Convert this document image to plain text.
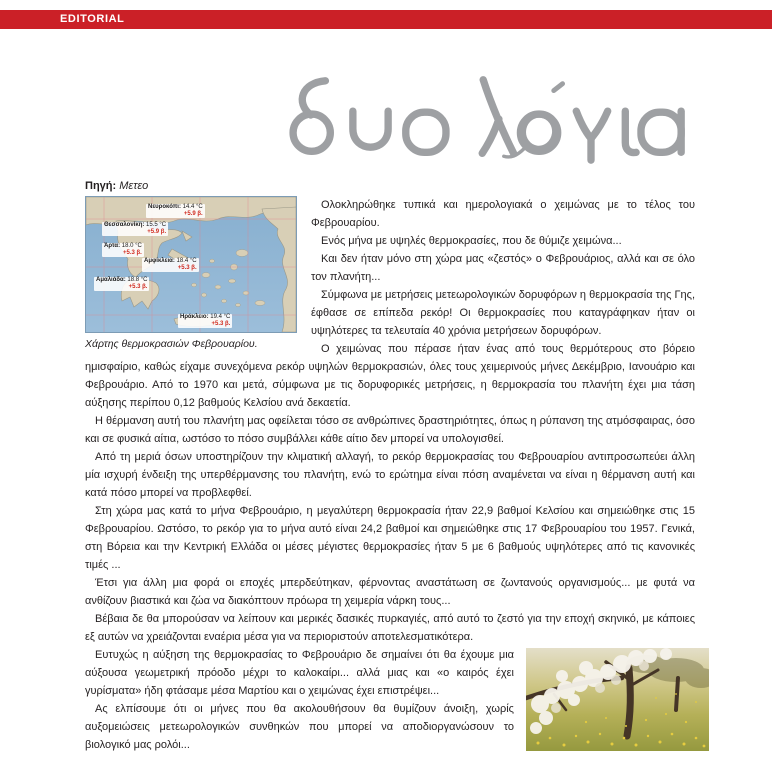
EDITORIAL
Πηγή: Μετεο
Νευροκόπι: 14.4 °C
+5.9 β.
Θεσσαλονίκη: 15.5 °C
+5.9 β.
Άρτα: 18.0 °C
+5.3 β.
Αμφίκλεια: 18.4 °C
+5.3 β.
Αμαλιάδα: 18.8 °C
+5.3 β.
Ηράκλειο: 19.4 °C
+5.3 β.
Χάρτης θερμοκρασιών Φεβρουαρίου.

Ολοκληρώθηκε τυπικά και ημερολογιακά ο χειμώνας με το τέλος του Φεβρουαρίου.

Ενός μήνα με υψηλές θερμοκρασίες, που δε θύμιζε χειμώνα...

Και δεν ήταν μόνο στη χώρα μας «ζεστός» ο Φεβρουάριος, αλλά και σε όλο τον πλανήτη...

Σύμφωνα με μετρήσεις μετεωρολογικών δορυφόρων η θερμοκρασία της Γης, έφθασε σε επίπεδα ρεκόρ! Οι θερμοκρασίες που καταγράφηκαν ήταν οι υψηλότερες τα τελευταία 40 χρόνια μετρήσεων δορυφόρων.

Ο χειμώνας που πέρασε ήταν ένας από τους θερμότερους στο βόρειο ημισφαίριο, καθώς είχαμε συνεχόμενα ρεκόρ υψηλών θερμοκρασιών, όλες τους χειμερινούς μήνες Δεκέμβριο, Ιανουάριο και Φεβρουάριο. Από το 1970 και μετά, σύμφωνα με τις δορυφορικές μετρήσεις, η θερμοκρασία του πλανήτη έχει μια τάση αύξησης περίπου 0,12 βαθμούς Κελσίου ανά δεκαετία.

Η θέρμανση αυτή του πλανήτη μας οφείλεται τόσο σε ανθρώπινες δραστηριότητες, όπως η ρύπανση της ατμόσφαιρας, όσο και σε φυσικά αίτια, ωστόσο το πόσο συμβάλλει κάθε αίτιο δεν μπορεί να υπολογισθεί.

Από τη μεριά όσων υποστηρίζουν την κλιματική αλλαγή, το ρεκόρ θερμοκρασίας του Φεβρουαρίου αντιπροσωπεύει άλλη μία ισχυρή ένδειξη της υπερθέρμανσης του πλανήτη, ενώ το ερώτημα είναι πόση αναμένεται να είναι η θέρμανση αυτή και κατά πόσο μπορεί να προβλεφθεί.

Στη χώρα μας κατά το μήνα Φεβρουάριο, η μεγαλύτερη θερμοκρασία ήταν 22,9 βαθμοί Κελσίου και σημειώθηκε στις 15 Φεβρουαρίου. Ωστόσο, το ρεκόρ για το μήνα αυτό είναι 24,2 βαθμοί και σημειώθηκε στις 17 Φεβρουαρίου του 1957. Γενικά, στη Βόρεια και την Κεντρική Ελλάδα οι μέσες μέγιστες θερμοκρασίες ήταν 5 με 6 βαθμούς υψηλότερες από τις κανονικές τιμές ...

Έτσι για άλλη μια φορά οι εποχές μπερδεύτηκαν, φέρνοντας αναστάτωση σε ζωντανούς οργανισμούς... με φυτά να ανθίζουν βιαστικά και ζώα να διακόπτουν πρόωρα τη χειμερία νάρκη τους...

Βέβαια δε θα μπορούσαν να λείπουν και μερικές δασικές πυρκαγιές, από αυτό το ζεστό για την εποχή σκηνικό, με κάποιες εξ αυτών να χρειάζονται εναέρια μέσα για να περιοριστούν αποτελεσματικότερα.

Ευτυχώς η αύξηση της θερμοκρασίας το Φεβρουάριο δε σημαίνει ότι θα έχουμε μια αύξουσα γεωμετρική πρόοδο μέχρι το καλοκαίρι... αλλά μιας και «ο καιρός έχει γυρίσματα» ήδη φτάσαμε μέσα Μαρτίου και ο χειμώνας έχει επιστρέψει...

Ας ελπίσουμε ότι οι μήνες που θα ακολουθήσουν θα θυμίζουν άνοιξη, χωρίς αυξομειώσεις μετεωρολογικών συνθηκών που μπορεί να αποδιοργανώσουν το βιολογικό μας ρολόι...
